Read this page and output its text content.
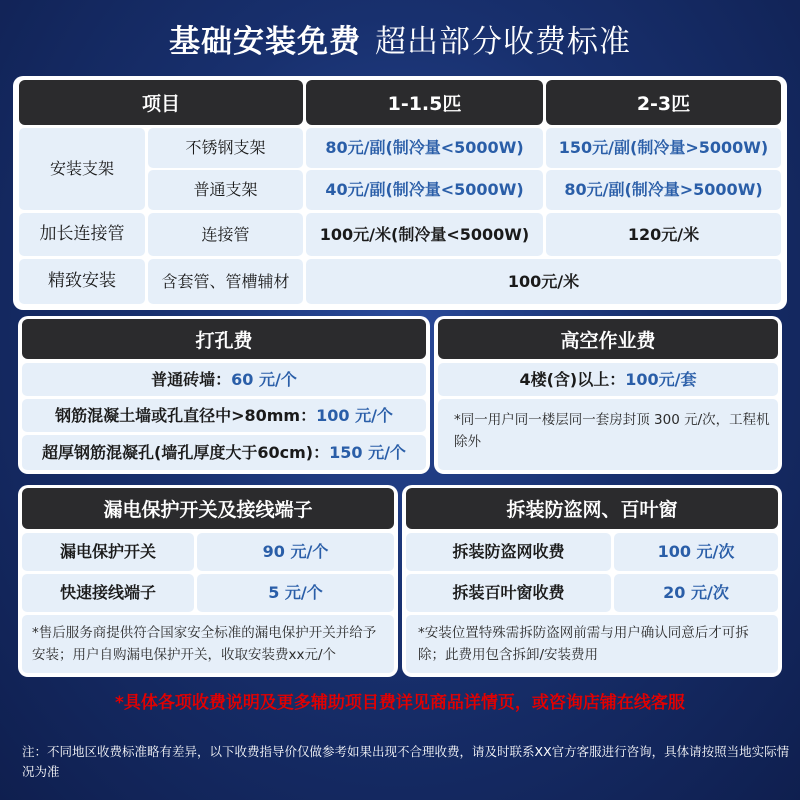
基础安装免费 超出部分收费标准
项目	1-1.5匹	2-3匹
安装支架
不锈钢支架	80元/副(制冷量<5000W)	150元/副(制冷量>5000W)
普通支架	40元/副(制冷量<5000W)	80元/副(制冷量>5000W)
加长连接管	连接管	100元/米(制冷量<5000W)	120元/米
精致安装	含套管、管槽辅材	100元/米
打孔费
普通砖墙： 60 元/个
钢筋混凝土墙或孔直径中>80mm： 100 元/个
超厚钢筋混凝孔(墙孔厚度大于60cm)： 150 元/个
高空作业费
4楼(含)以上： 100元/套
*同一用户同一楼层同一套房封顶 300 元/次，工程机除外
漏电保护开关及接线端子
漏电保护开关	90 元/个
快速接线端子	5 元/个
*售后服务商提供符合国家安全标准的漏电保护开关并给予安装；用户自购漏电保护开关，收取安装费xx元/个
拆装防盗网、百叶窗
拆装防盗网收费	100 元/次
拆装百叶窗收费	20 元/次
*安装位置特殊需拆防盗网前需与用户确认同意后才可拆除；此费用包含拆卸/安装费用
*具体各项收费说明及更多辅助项目费详见商品详情页，或咨询店铺在线客服
注：不同地区收费标准略有差异，以下收费指导价仅做参考如果出现不合理收费，请及时联系XX官方客服进行咨询，具体请按照当地实际情况为准
